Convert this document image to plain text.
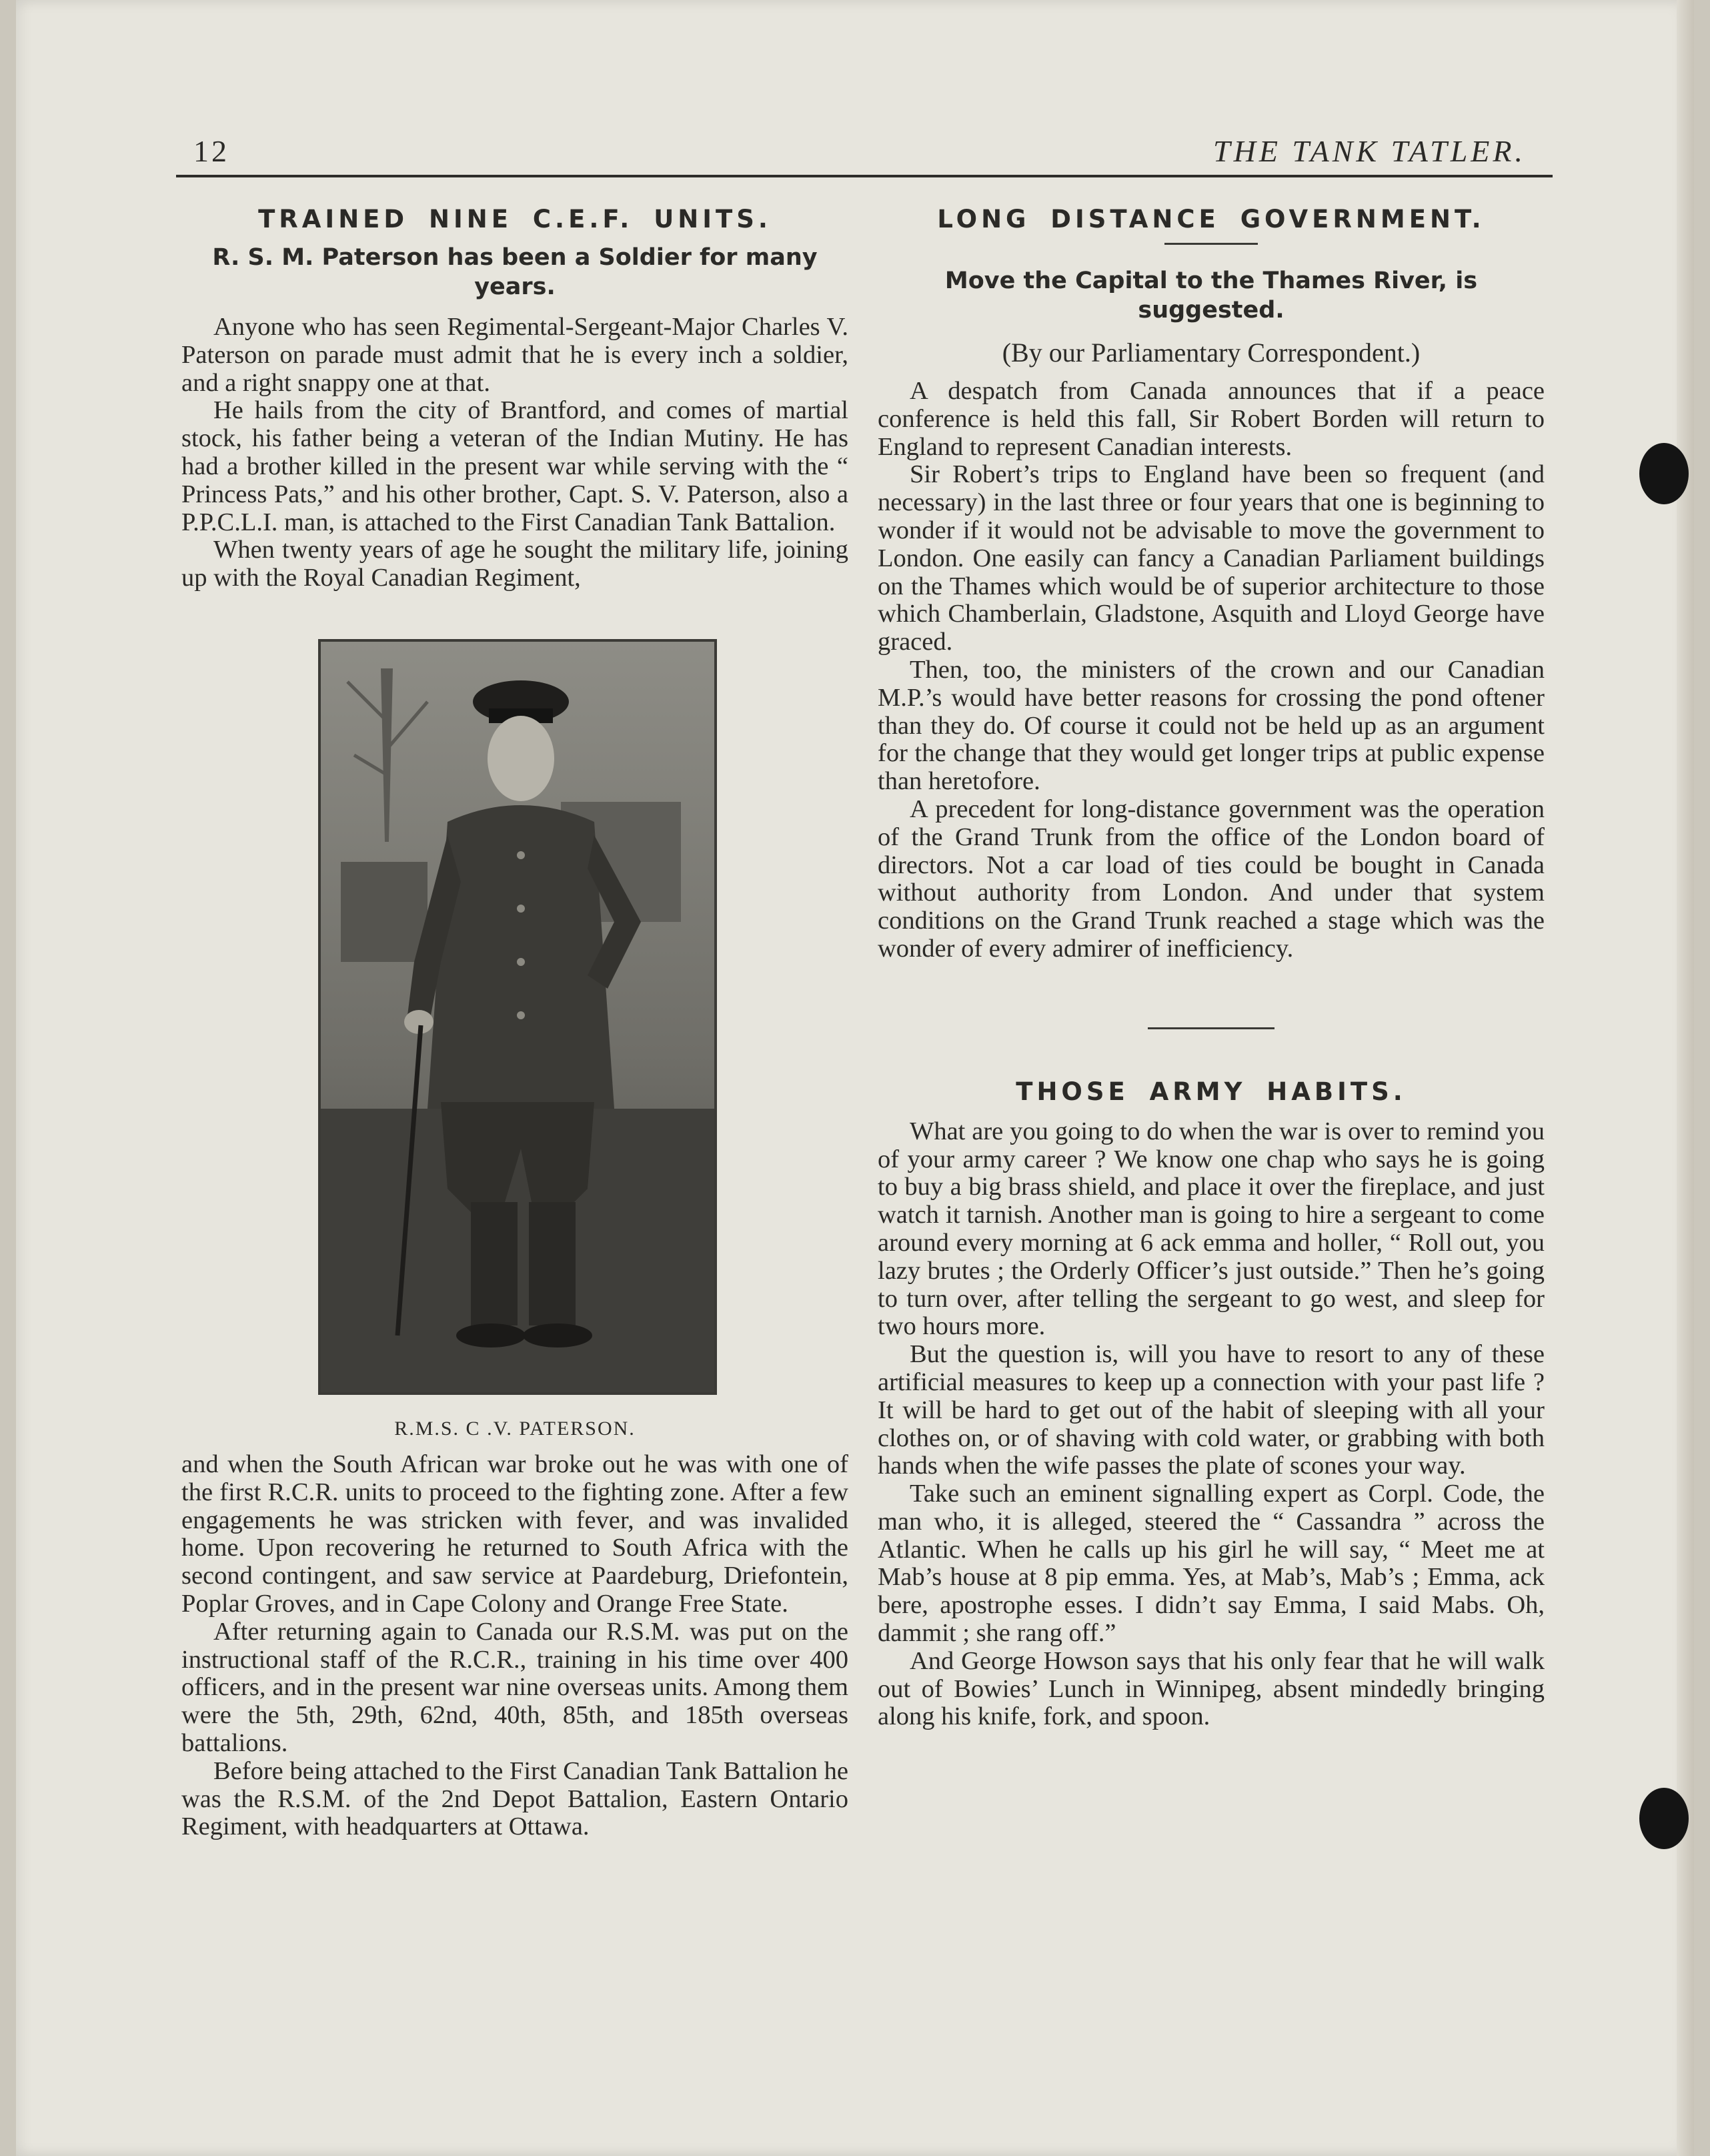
12	THE TANK TATLER.
TRAINED NINE C.E.F. UNITS.
R. S. M. Paterson has been a Soldier for many years.

Anyone who has seen Regimental-Sergeant-Major Charles V. Paterson on parade must admit that he is every inch a soldier, and a right snappy one at that.

He hails from the city of Brantford, and comes of martial stock, his father being a veteran of the Indian Mutiny. He has had a brother killed in the present war while serving with the “ Princess Pats,” and his other brother, Capt. S. V. Paterson, also a P.P.C.L.I. man, is attached to the First Canadian Tank Battalion.

When twenty years of age he sought the military life, joining up with the Royal Canadian Regiment,

R.M.S. C .V. PATERSON.

and when the South African war broke out he was with one of the first R.C.R. units to proceed to the fighting zone. After a few engagements he was stricken with fever, and was invalided home. Upon recovering he returned to South Africa with the second contingent, and saw service at Paardeburg, Driefontein, Poplar Groves, and in Cape Colony and Orange Free State.

After returning again to Canada our R.S.M. was put on the instructional staff of the R.C.R., training in his time over 400 officers, and in the present war nine overseas units. Among them were the 5th, 29th, 62nd, 40th, 85th, and 185th overseas battalions.

Before being attached to the First Canadian Tank Battalion he was the R.S.M. of the 2nd Depot Battalion, Eastern Ontario Regiment, with headquarters at Ottawa.

LONG DISTANCE GOVERNMENT.
Move the Capital to the Thames River, is suggested.
(By our Parliamentary Correspondent.)

A despatch from Canada announces that if a peace conference is held this fall, Sir Robert Borden will return to England to represent Canadian interests.

Sir Robert’s trips to England have been so frequent (and necessary) in the last three or four years that one is beginning to wonder if it would not be advisable to move the government to London. One easily can fancy a Canadian Parliament buildings on the Thames which would be of superior architecture to those which Chamberlain, Gladstone, Asquith and Lloyd George have graced.

Then, too, the ministers of the crown and our Canadian M.P.’s would have better reasons for crossing the pond oftener than they do. Of course it could not be held up as an argument for the change that they would get longer trips at public expense than heretofore.

A precedent for long-distance government was the operation of the Grand Trunk from the office of the London board of directors. Not a car load of ties could be bought in Canada without authority from London. And under that system conditions on the Grand Trunk reached a stage which was the wonder of every admirer of inefficiency.

THOSE ARMY HABITS.

What are you going to do when the war is over to remind you of your army career ? We know one chap who says he is going to buy a big brass shield, and place it over the fireplace, and just watch it tarnish. Another man is going to hire a sergeant to come around every morning at 6 ack emma and holler, “ Roll out, you lazy brutes ; the Orderly Officer’s just outside.” Then he’s going to turn over, after telling the sergeant to go west, and sleep for two hours more.

But the question is, will you have to resort to any of these artificial measures to keep up a connection with your past life ? It will be hard to get out of the habit of sleeping with all your clothes on, or of shaving with cold water, or grabbing with both hands when the wife passes the plate of scones your way.

Take such an eminent signalling expert as Corpl. Code, the man who, it is alleged, steered the “ Cassandra ” across the Atlantic. When he calls up his girl he will say, “ Meet me at Mab’s house at 8 pip emma. Yes, at Mab’s, Mab’s ; Emma, ack bere, apostrophe esses. I didn’t say Emma, I said Mabs. Oh, dammit ; she rang off.”

And George Howson says that his only fear that he will walk out of Bowies’ Lunch in Winnipeg, absent mindedly bringing along his knife, fork, and spoon.
